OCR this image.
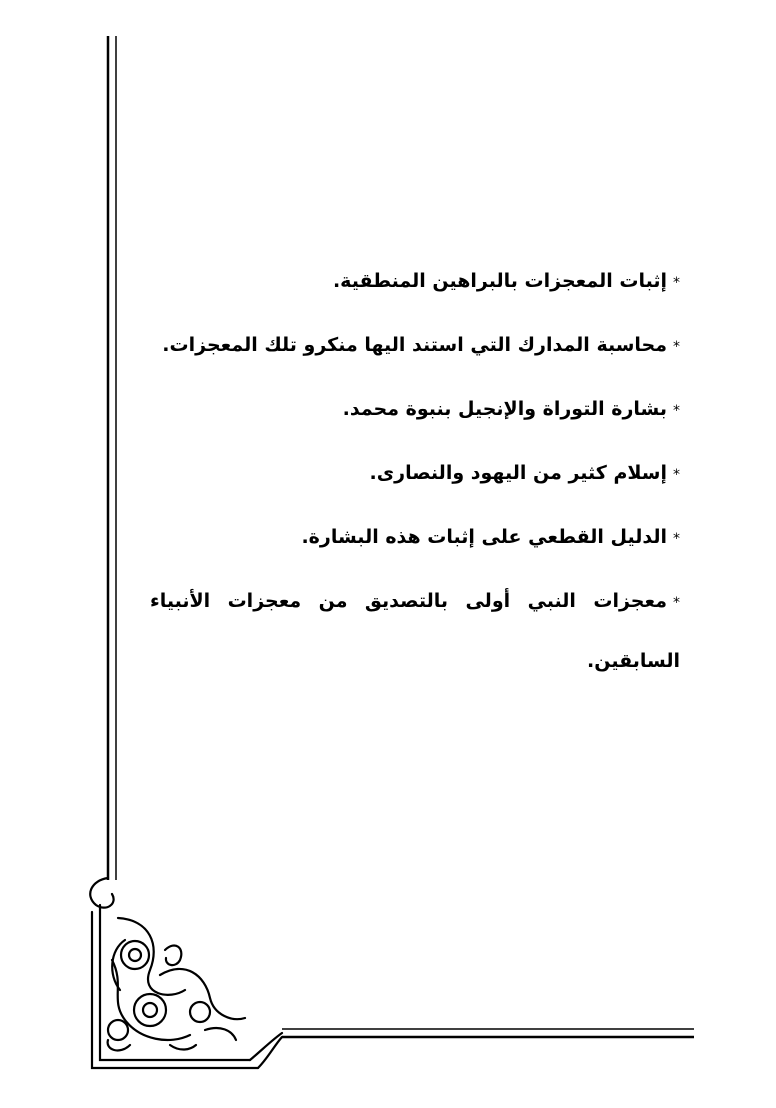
*إثبات المعجزات بالبراهين المنطقية.
*محاسبة المدارك التي استند اليها منكرو تلك المعجزات.
*بشارة التوراة والإنجيل بنبوة محمد.
*إسلام كثير من اليهود والنصارى.
*الدليل القطعي على إثبات هذه البشارة.
*معجزات النبي أولى بالتصديق من معجزات الأنبياء السابقين.
